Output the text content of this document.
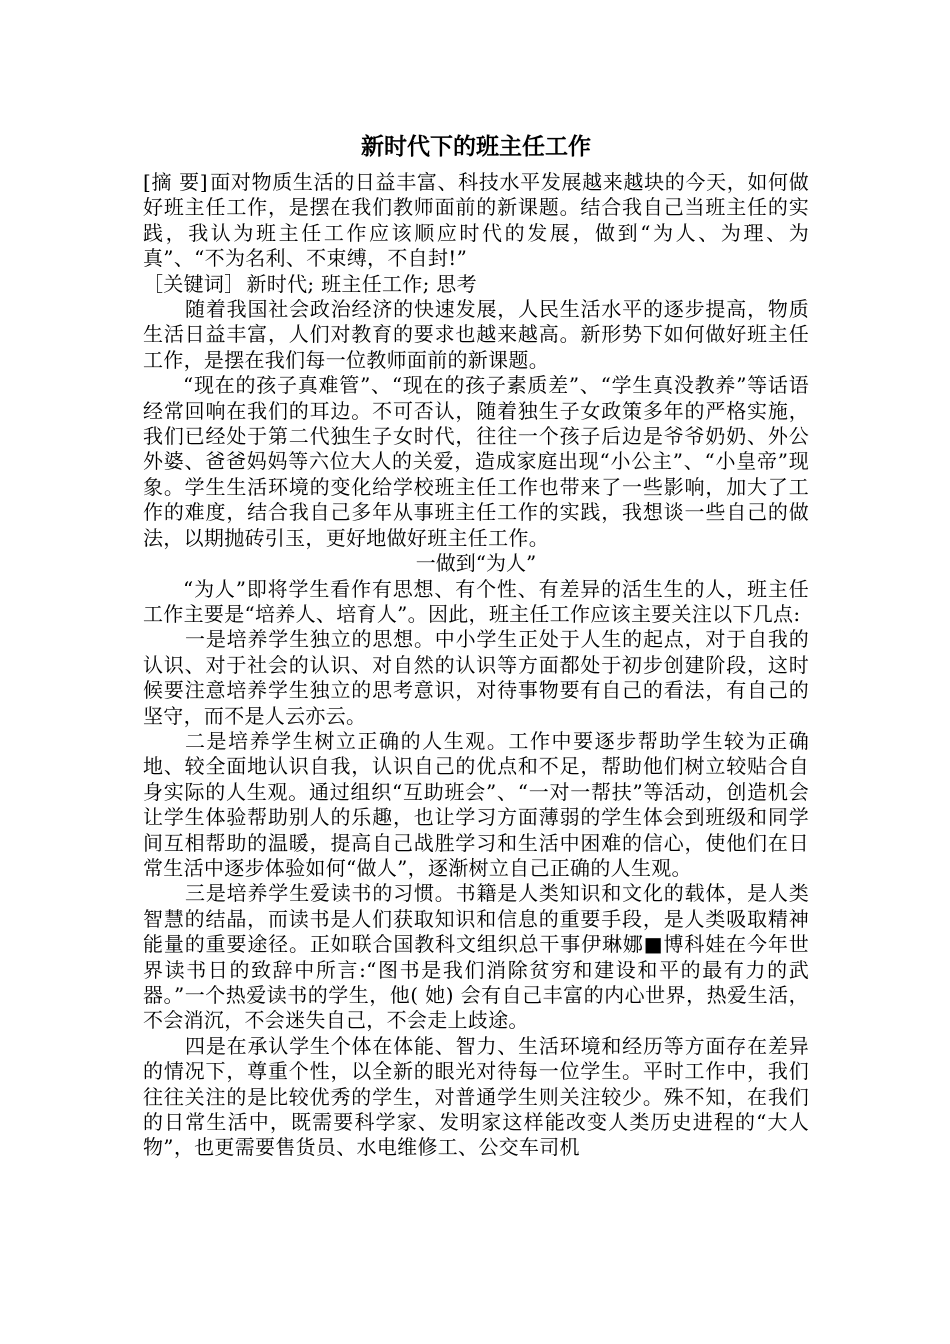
新时代下的班主任工作

[摘 要] 面对物质生活的日益丰富、科技水平发展越来越块的今天，如何做好班主任工作，是摆在我们教师面前的新课题。结合我自己当班主任的实践，我认为班主任工作应该顺应时代的发展，做到“为人、为理、为真”、“不为名利、不束缚，不自封!”

［关键词］ 新时代; 班主任工作; 思考

随着我国社会政治经济的快速发展，人民生活水平的逐步提高，物质生活日益丰富，人们对教育的要求也越来越高。新形势下如何做好班主任工作，是摆在我们每一位教师面前的新课题。

“现在的孩子真难管”、“现在的孩子素质差”、“学生真没教养”等话语经常回响在我们的耳边。不可否认，随着独生子女政策多年的严格实施，我们已经处于第二代独生子女时代，往往一个孩子后边是爷爷奶奶、外公外婆、爸爸妈妈等六位大人的关爱，造成家庭出现“小公主”、“小皇帝”现象。学生生活环境的变化给学校班主任工作也带来了一些影响，加大了工作的难度，结合我自己多年从事班主任工作的实践，我想谈一些自己的做法，以期抛砖引玉，更好地做好班主任工作。

一做到“为人”

“为人”即将学生看作有思想、有个性、有差异的活生生的人，班主任工作主要是“培养人、培育人”。因此，班主任工作应该主要关注以下几点:

一是培养学生独立的思想。中小学生正处于人生的起点，对于自我的认识、对于社会的认识、对自然的认识等方面都处于初步创建阶段，这时候要注意培养学生独立的思考意识，对待事物要有自己的看法，有自己的坚守，而不是人云亦云。

二是培养学生树立正确的人生观。工作中要逐步帮助学生较为正确地、较全面地认识自我，认识自己的优点和不足，帮助他们树立较贴合自身实际的人生观。通过组织“互助班会”、“一对一帮扶”等活动，创造机会让学生体验帮助别人的乐趣，也让学习方面薄弱的学生体会到班级和同学间互相帮助的温暖，提高自己战胜学习和生活中困难的信心，使他们在日常生活中逐步体验如何“做人”，逐渐树立自己正确的人生观。

三是培养学生爱读书的习惯。书籍是人类知识和文化的载体，是人类智慧的结晶，而读书是人们获取知识和信息的重要手段，是人类吸取精神能量的重要途径。正如联合国教科文组织总干事伊琳娜■博科娃在今年世界读书日的致辞中所言:“图书是我们消除贫穷和建设和平的最有力的武器。”一个热爱读书的学生，他( 她) 会有自己丰富的内心世界，热爱生活，不会消沉，不会迷失自己，不会走上歧途。

四是在承认学生个体在体能、智力、生活环境和经历等方面存在差异的情况下，尊重个性，以全新的眼光对待每一位学生。平时工作中，我们往往关注的是比较优秀的学生，对普通学生则关注较少。殊不知，在我们的日常生活中，既需要科学家、发明家这样能改变人类历史进程的“大人物”，也更需要售货员、水电维修工、公交车司机
